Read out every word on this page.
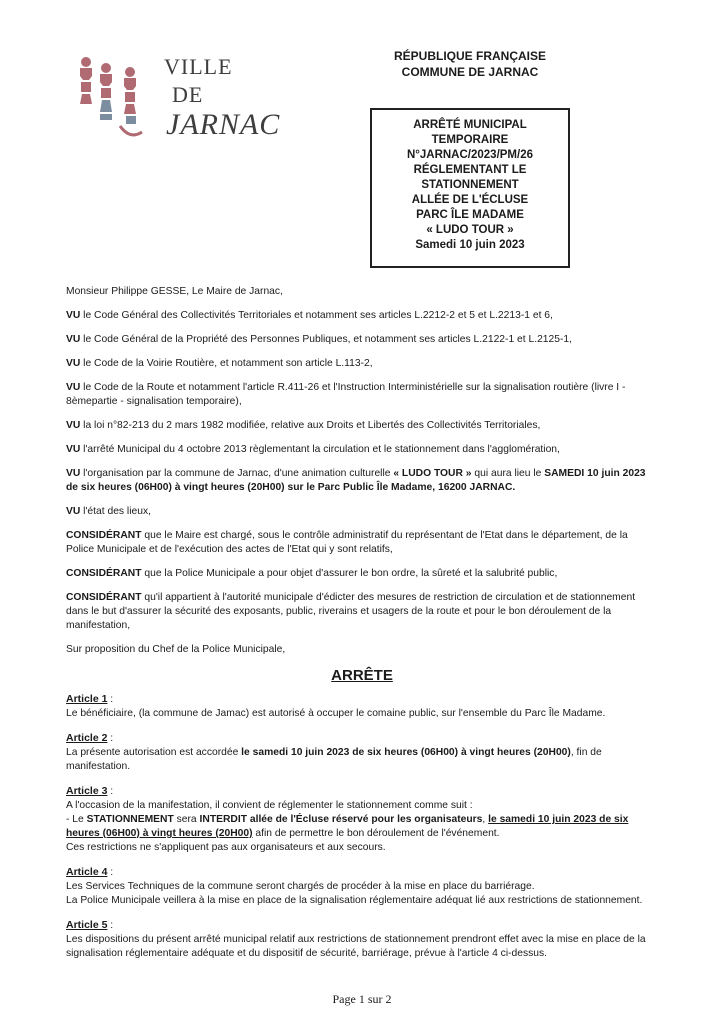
VILLE
DE
JARNAC
RÉPUBLIQUE FRANÇAISE
COMMUNE DE JARNAC
ARRÊTÉ MUNICIPAL
TEMPORAIRE
N°JARNAC/2023/PM/26
RÉGLEMENTANT LE
STATIONNEMENT
ALLÉE DE L'ÉCLUSE
PARC ÎLE MADAME
« LUDO TOUR »
Samedi 10 juin 2023

Monsieur Philippe GESSE, Le Maire de Jarnac,

VU le Code Général des Collectivités Territoriales et notamment ses articles L.2212-2 et 5 et L.2213-1 et 6,

VU le Code Général de la Propriété des Personnes Publiques, et notamment ses articles L.2122-1 et L.2125-1,

VU le Code de la Voirie Routière, et notamment son article L.113-2,

VU le Code de la Route et notamment l'article R.411-26 et l'Instruction Interministérielle sur la signalisation routière (livre I - 8èmepartie - signalisation temporaire),

VU la loi n°82-213 du 2 mars 1982 modifiée, relative aux Droits et Libertés des Collectivités Territoriales,

VU l'arrêté Municipal du 4 octobre 2013 règlementant la circulation et le stationnement dans l'agglomération,

VU l'organisation par la commune de Jarnac, d'une animation culturelle « LUDO TOUR » qui aura lieu le SAMEDI 10 juin 2023 de six heures (06H00) à vingt heures (20H00) sur le Parc Public Île Madame, 16200 JARNAC.

VU l'état des lieux,

CONSIDÉRANT que le Maire est chargé, sous le contrôle administratif du représentant de l'Etat dans le département, de la Police Municipale et de l'exécution des actes de l'Etat qui y sont relatifs,

CONSIDÉRANT que la Police Municipale a pour objet d'assurer le bon ordre, la sûreté et la salubrité public,

CONSIDÉRANT qu'il appartient à l'autorité municipale d'édicter des mesures de restriction de circulation et de stationnement dans le but d'assurer la sécurité des exposants, public, riverains et usagers de la route et pour le bon déroulement de la manifestation,

Sur proposition du Chef de la Police Municipale,

ARRÊTE
Article 1 :
Le bénéficiaire, (la commune de Jamac) est autorisé à occuper le comaine public, sur l'ensemble du Parc Île Madame.
Article 2 :
La présente autorisation est accordée le samedi 10 juin 2023 de six heures (06H00) à vingt heures (20H00), fin de manifestation.
Article 3 :
A l'occasion de la manifestation, il convient de réglementer le stationnement comme suit :
- Le STATIONNEMENT sera INTERDIT allée de l'Écluse réservé pour les organisateurs, le samedi 10 juin 2023 de six heures (06H00) à vingt heures (20H00) afin de permettre le bon déroulement de l'événement.
Ces restrictions ne s'appliquent pas aux organisateurs et aux secours.
Article 4 :
Les Services Techniques de la commune seront chargés de procéder à la mise en place du barriérage.
La Police Municipale veillera à la mise en place de la signalisation réglementaire adéquat lié aux restrictions de stationnement.
Article 5 :
Les dispositions du présent arrêté municipal relatif aux restrictions de stationnement prendront effet avec la mise en place de la signalisation réglementaire adéquate et du dispositif de sécurité, barriérage, prévue à l'article 4 ci-dessus.
Page 1 sur 2
